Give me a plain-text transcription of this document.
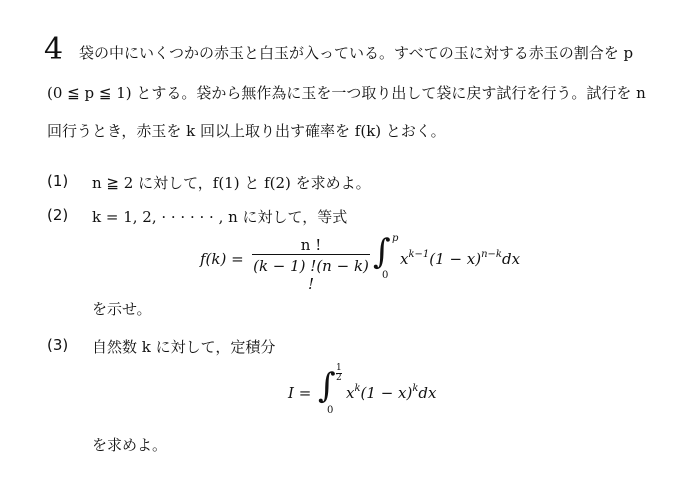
4 袋の中にいくつかの赤玉と白玉が入っている。すべての玉に対する赤玉の割合を p
(0 ≦ p ≦ 1) とする。袋から無作為に玉を一つ取り出して袋に戻す試行を行う。試行を n
回行うとき，赤玉を k 回以上取り出す確率を f(k) とおく。
(1) n ≧ 2 に対して，f(1) と f(2) を求めよ。
(2) k = 1, 2, · · · · · · , n に対して，等式
$f(k) = \frac{n !}{(k - 1) !(n - k) !}$ ∫ p
0
$x^{k-1}(1 - x)^{n-k}dx$
を示せ。
(3) 自然数 k に対して，定積分
I = ∫ $\frac{1}{2}$
0
$x^k(1 - x)^kdx$
を求めよ。
